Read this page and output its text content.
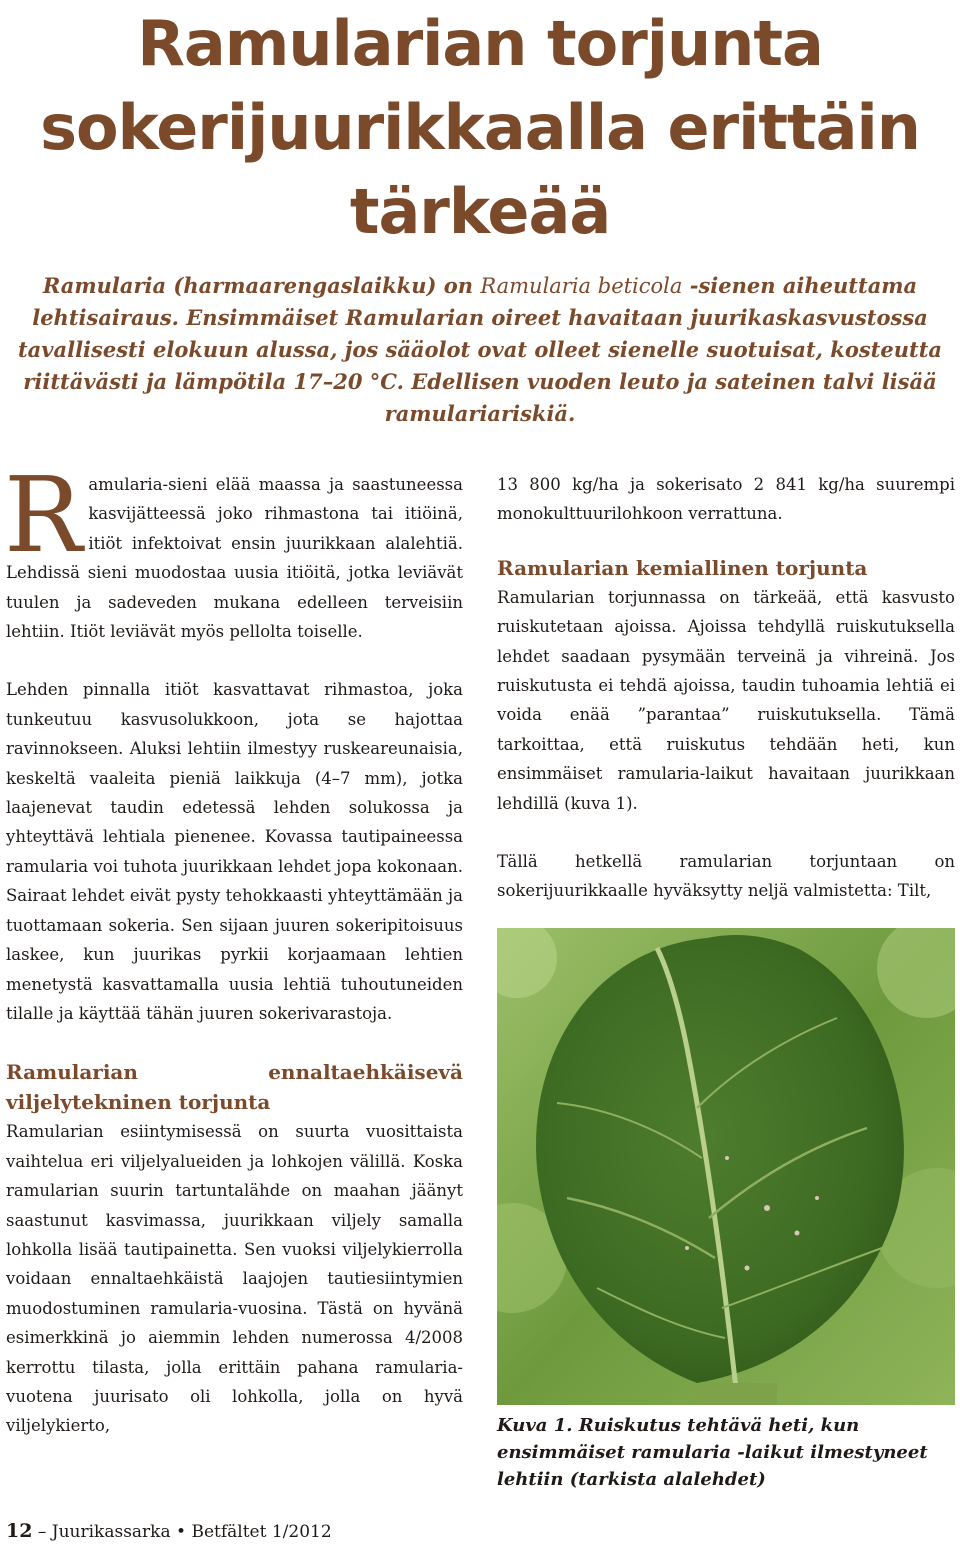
Ramularian torjunta
sokerijuurikkaalla erittäin
tärkeää
Ramularia (harmaarengaslaikku) on Ramularia beticola -sienen aiheuttama
lehtisairaus. Ensimmäiset Ramularian oireet havaitaan juurikaskasvustossa
tavallisesti elokuun alussa, jos sääolot ovat olleet sienelle suotuisat, kosteutta
riittävästi ja lämpötila 17–20 °C. Edellisen vuoden leuto ja sateinen talvi lisää
ramulariariskiä.

Ramularia-sieni elää maassa ja saastuneessa kasvijätteessä joko rihmastona tai itiöinä, itiöt infektoivat ensin juurikkaan alalehtiä. Lehdissä sieni muodostaa uusia itiöitä, jotka leviävät tuulen ja sadeveden mukana edelleen terveisiin lehtiin. Itiöt leviävät myös pellolta toiselle.

Lehden pinnalla itiöt kasvattavat rihmastoa, joka tunkeutuu kasvusolukkoon, jota se hajottaa ravinnokseen. Aluksi lehtiin ilmestyy ruskeareunaisia, keskeltä vaaleita pieniä laikkuja (4–7 mm), jotka laajenevat taudin edetessä lehden solukossa ja yhteyttävä lehtiala pienenee. Kovassa tautipaineessa ramularia voi tuhota juurikkaan lehdet jopa kokonaan. Sairaat lehdet eivät pysty tehokkaasti yhteyttämään ja tuottamaan sokeria. Sen sijaan juuren sokeripitoisuus laskee, kun juurikas pyrkii korjaamaan lehtien menetystä kasvattamalla uusia lehtiä tuhoutuneiden tilalle ja käyttää tähän juuren sokerivarastoja.

Ramularian ennaltaehkäisevä viljelytekninen torjunta

Ramularian esiintymisessä on suurta vuosittaista vaihtelua eri viljelyalueiden ja lohkojen välillä. Koska ramularian suurin tartuntalähde on maahan jäänyt saastunut kasvimassa, juurikkaan viljely samalla lohkolla lisää tautipainetta. Sen vuoksi viljelykierrolla voidaan ennaltaehkäistä laajojen tautiesiintymien muodostuminen ramularia-vuosina. Tästä on hyvänä esimerkkinä jo aiemmin lehden numerossa 4/2008 kerrottu tilasta, jolla erittäin pahana ramularia-vuotena juurisato oli lohkolla, jolla on hyvä viljelykierto,

13 800 kg/ha ja sokerisato 2 841 kg/ha suurempi monokulttuurilohkoon verrattuna.

Ramularian kemiallinen torjunta

Ramularian torjunnassa on tärkeää, että kasvusto ruiskutetaan ajoissa. Ajoissa tehdyllä ruiskutuksella lehdet saadaan pysymään terveinä ja vihreinä. Jos ruiskutusta ei tehdä ajoissa, taudin tuhoamia lehtiä ei voida enää ”parantaa” ruiskutuksella. Tämä tarkoittaa, että ruiskutus tehdään heti, kun ensimmäiset ramularia-laikut havaitaan juurikkaan lehdillä (kuva 1).

Tällä hetkellä ramularian torjuntaan on sokerijuurikkaalle hyväksytty neljä valmistetta: Tilt,

Kuva 1. Ruiskutus tehtävä heti, kun ensimmäiset ramularia -laikut ilmestyneet lehtiin (tarkista alalehdet)
12 – Juurikassarka • Betfältet 1/2012
